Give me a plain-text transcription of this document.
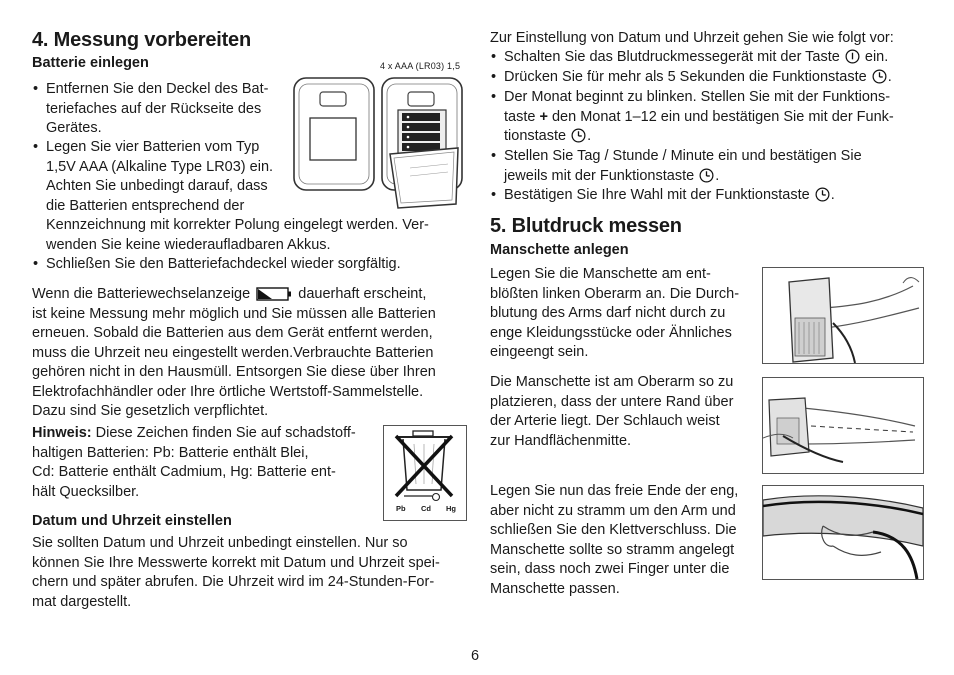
4. Messung vorbereiten
Batterie einlegen	4 x AAA (LR03) 1,5
• Entfernen Sie den Deckel des Bat-
teriefaches auf der Rückseite des
Gerätes.
• Legen Sie vier Batterien vom Typ
1,5V AAA (Alkaline Type LR03) ein.
Achten Sie unbedingt darauf, dass
die Batterien entsprechend der
Kennzeichnung mit korrekter Polung eingelegt werden. Ver-
wenden Sie keine wiederaufladbaren Akkus.
• Schließen Sie den Batteriefachdeckel wieder sorgfältig.
Wenn die Batteriewechselanzeige	dauerhaft erscheint,
ist keine Messung mehr möglich und Sie müssen alle Batterien
erneuen. Sobald die Batterien aus dem Gerät entfernt werden,
muss die Uhrzeit neu eingestellt werden.Verbrauchte Batterien
gehören nicht in den Hausmüll. Entsorgen Sie diese über Ihren
Elektrofachhändler oder Ihre örtliche Wertstoff-Sammelstelle.
Dazu sind Sie gesetzlich verpflichtet.
Hinweis: Diese Zeichen finden Sie auf schadstoff-
haltigen Batterien: Pb: Batterie enthält Blei,
Cd: Batterie enthält Cadmium, Hg: Batterie ent-
hält Quecksilber.
Pb Cd Hg
Datum und Uhrzeit einstellen
Sie sollten Datum und Uhrzeit unbedingt einstellen. Nur so
können Sie Ihre Messwerte korrekt mit Datum und Uhrzeit spei-
chern und später abrufen. Die Uhrzeit wird im 24-Stunden-For-
mat dargestellt.
Zur Einstellung von Datum und Uhrzeit gehen Sie wie folgt vor:
• Schalten Sie das Blutdruckmessegerät mit der Taste ein.
• Drücken Sie für mehr als 5 Sekunden die Funktionstaste .
• Der Monat beginnt zu blinken. Stellen Sie mit der Funktions-
taste + den Monat 1–12 ein und bestätigen Sie mit der Funk-
tionstaste .
• Stellen Sie Tag / Stunde / Minute ein und bestätigen Sie
jeweils mit der Funktionstaste .
• Bestätigen Sie Ihre Wahl mit der Funktionstaste .
5. Blutdruck messen
Manschette anlegen
Legen Sie die Manschette am ent-
blößten linken Oberarm an. Die Durch-
blutung des Arms darf nicht durch zu
enge Kleidungsstücke oder Ähnliches
eingeengt sein.
Die Manschette ist am Oberarm so zu
platzieren, dass der untere Rand über
der Arterie liegt. Der Schlauch weist
zur Handflächenmitte.
Legen Sie nun das freie Ende der eng,
aber nicht zu stramm um den Arm und
schließen Sie den Klettverschluss. Die
Manschette sollte so stramm angelegt
sein, dass noch zwei Finger unter die
Manschette passen.
6
